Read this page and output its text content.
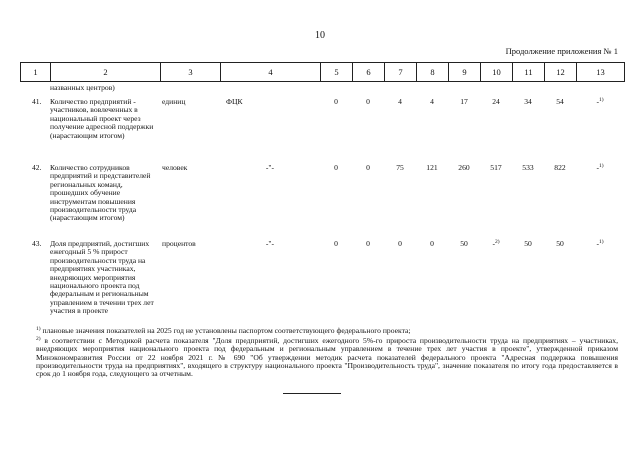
10
Продолжение приложения № 1
1	2	3	4	5	6	7	8	9	10	11	12	13
	названных центров)											
41.	Количество предприятий - участников, вовлеченных в национальный проект через получение адресной поддержки (нарастающим итогом)	единиц	ФЦК	0	0	4	4	17	24	34	54	-$^{1)}$
42.	Количество сотрудников предприятий и представителей региональных команд, прошедших обучение инструментам повышения производительности труда (нарастающим итогом)	человек	-"-	0	0	75	121	260	517	533	822	-$^{1)}$
43.	Доля предприятий, достигших ежегодный 5 % прирост производительности труда на предприятиях участниках, внедряющих мероприятия национального проекта под федеральным и региональным управлением в течении трех лет участия в проекте	процентов	-"-	0	0	0	0	50	-$^{2)}$	50	50	-$^{1)}$

$^{1)}$ плановые значения показателей на 2025 год не установлены паспортом соответствующего федерального проекта;

$^{2)}$ в соответствии с Методикой расчета показателя "Доля предприятий, достигших ежегодного 5%-го прироста производительности труда на предприятиях – участниках, внедряющих мероприятия национального проекта под федеральным и региональным управлением в течение трех лет участия в проекте", утвержденной приказом Минэкономразвития России от 22 ноября 2021 г. № 690 "Об утверждении методик расчета показателей федерального проекта "Адресная поддержка повышения производительности труда на предприятиях", входящего в структуру национального проекта "Производительность труда", значение показателя по итогу года предоставляется в срок до 1 ноября года, следующего за отчетным.
